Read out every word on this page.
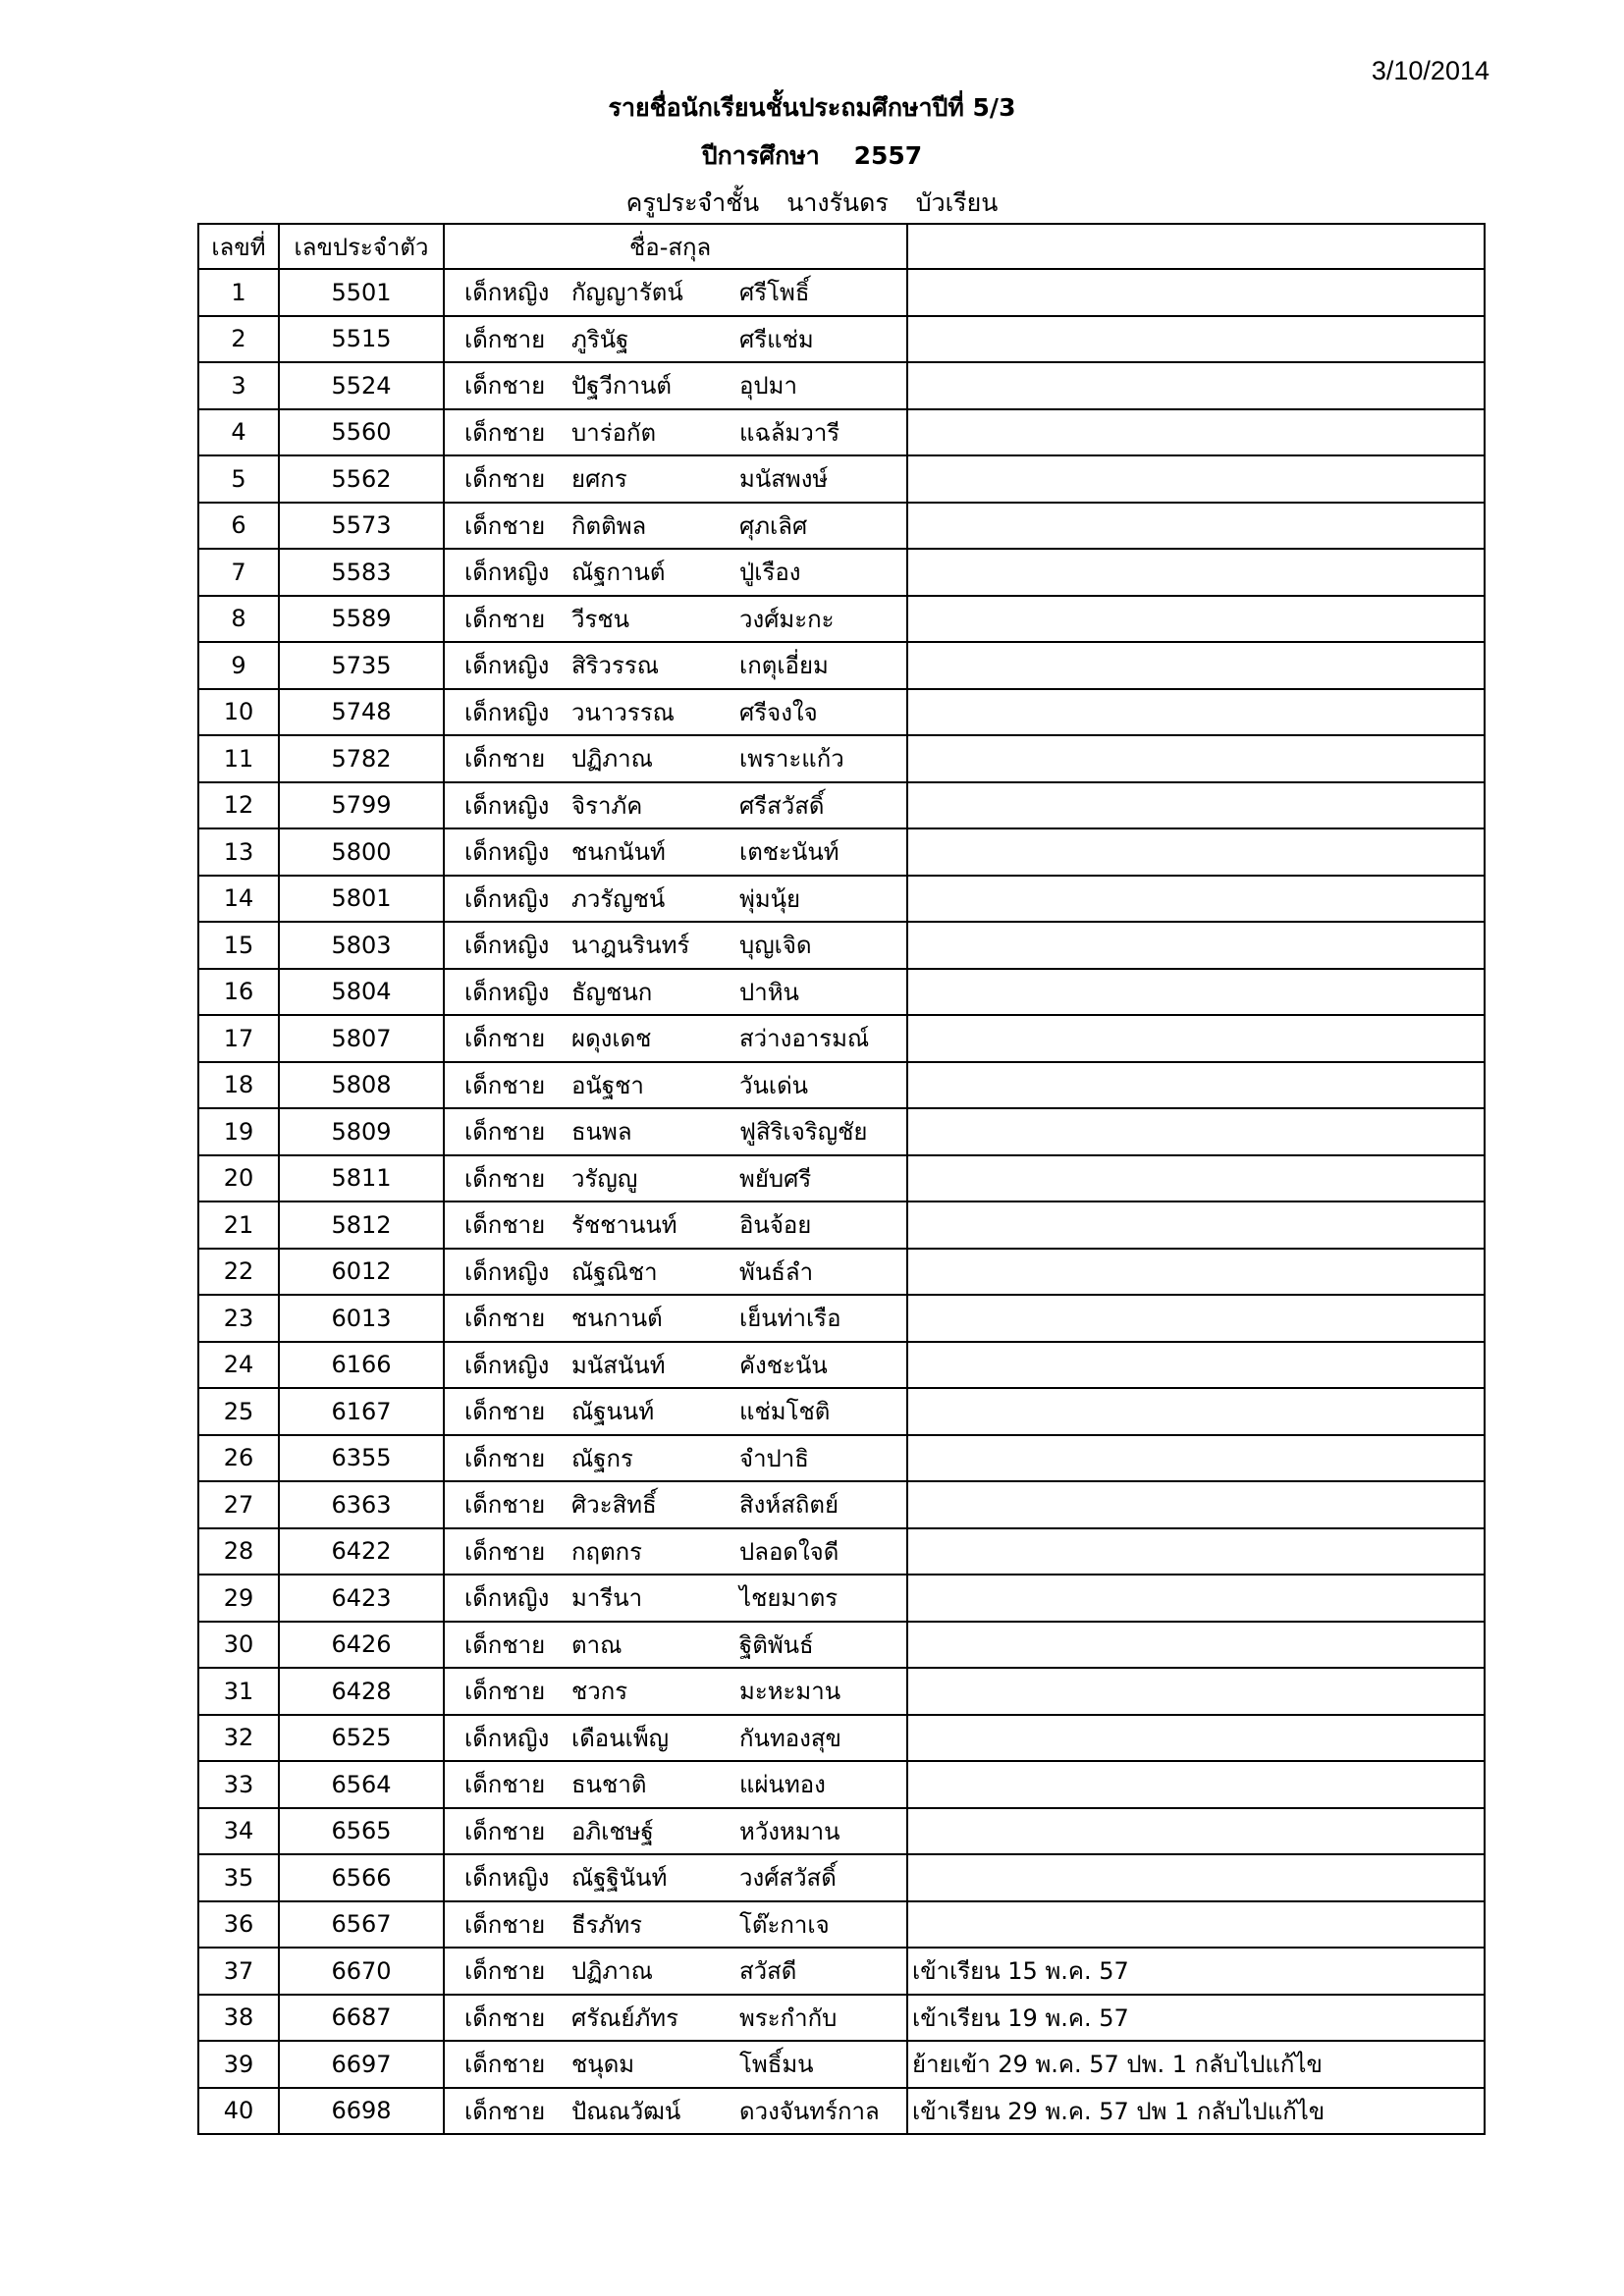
3/10/2014
รายชื่อนักเรียนชั้นประถมศึกษาปีที่ 5/3
ปีการศึกษา 2557
ครูประจำชั้น นางรันดร บัวเรียน
เลขที่	เลขประจำตัว	ชื่อ-สกุล	
1	5501	เด็กหญิง กัญญารัตน์ ศรีโพธิ์	

2	5515	เด็กชาย ภูรินัฐ ศรีแช่ม	

3	5524	เด็กชาย ปัฐวีกานต์ อุปมา	

4	5560	เด็กชาย บาร่อกัต แฉล้มวารี	

5	5562	เด็กชาย ยศกร มนัสพงษ์	

6	5573	เด็กชาย กิตติพล ศุภเลิศ	

7	5583	เด็กหญิง ณัฐกานต์ ปู่เรือง	

8	5589	เด็กชาย วีรชน วงศ์มะกะ	

9	5735	เด็กหญิง สิริวรรณ เกตุเอี่ยม	

10	5748	เด็กหญิง วนาวรรณ ศรีจงใจ	

11	5782	เด็กชาย ปฏิภาณ เพราะแก้ว	

12	5799	เด็กหญิง จิราภัค ศรีสวัสดิ์	

13	5800	เด็กหญิง ชนกนันท์ เตชะนันท์	

14	5801	เด็กหญิง ภวรัญชน์ พุ่มนุ้ย	

15	5803	เด็กหญิง นาฎนรินทร์ บุญเจิด	

16	5804	เด็กหญิง ธัญชนก ปาหิน	

17	5807	เด็กชาย ผดุงเดช สว่างอารมณ์	

18	5808	เด็กชาย อนัฐชา วันเด่น	

19	5809	เด็กชาย ธนพล ฟูสิริเจริญชัย	

20	5811	เด็กชาย วรัญญู พยับศรี	

21	5812	เด็กชาย รัชชานนท์ อินจ้อย	

22	6012	เด็กหญิง ณัฐณิชา พันธ์ลำ	

23	6013	เด็กชาย ชนกานต์ เย็นท่าเรือ	

24	6166	เด็กหญิง มนัสนันท์ คังชะนัน	

25	6167	เด็กชาย ณัฐนนท์ แช่มโชติ	

26	6355	เด็กชาย ณัฐกร จำปาธิ	

27	6363	เด็กชาย ศิวะสิทธิ์ สิงห์สถิตย์	

28	6422	เด็กชาย กฤตกร ปลอดใจดี	

29	6423	เด็กหญิง มารีนา ไชยมาตร	

30	6426	เด็กชาย ตาณ ฐิติพันธ์	

31	6428	เด็กชาย ชวกร มะหะมาน	

32	6525	เด็กหญิง เดือนเพ็ญ กันทองสุข	

33	6564	เด็กชาย ธนชาติ แผ่นทอง	

34	6565	เด็กชาย อภิเชษฐ์ หวังหมาน	

35	6566	เด็กหญิง ณัฐฐินันท์ วงศ์สวัสดิ์	

36	6567	เด็กชาย ธีรภัทร โต๊ะกาเจ	

37	6670	เด็กชาย ปฏิภาณ สวัสดี	เข้าเรียน 15 พ.ค. 57
38	6687	เด็กชาย ศรัณย์ภัทร พระกำกับ	เข้าเรียน 19 พ.ค. 57
39	6697	เด็กชาย ชนุดม โพธิ์มน	ย้ายเข้า 29 พ.ค. 57 ปพ. 1 กลับไปแก้ไข
40	6698	เด็กชาย ปัณณวัฒน์ ดวงจันทร์กาล	เข้าเรียน 29 พ.ค. 57 ปพ 1 กลับไปแก้ไข
